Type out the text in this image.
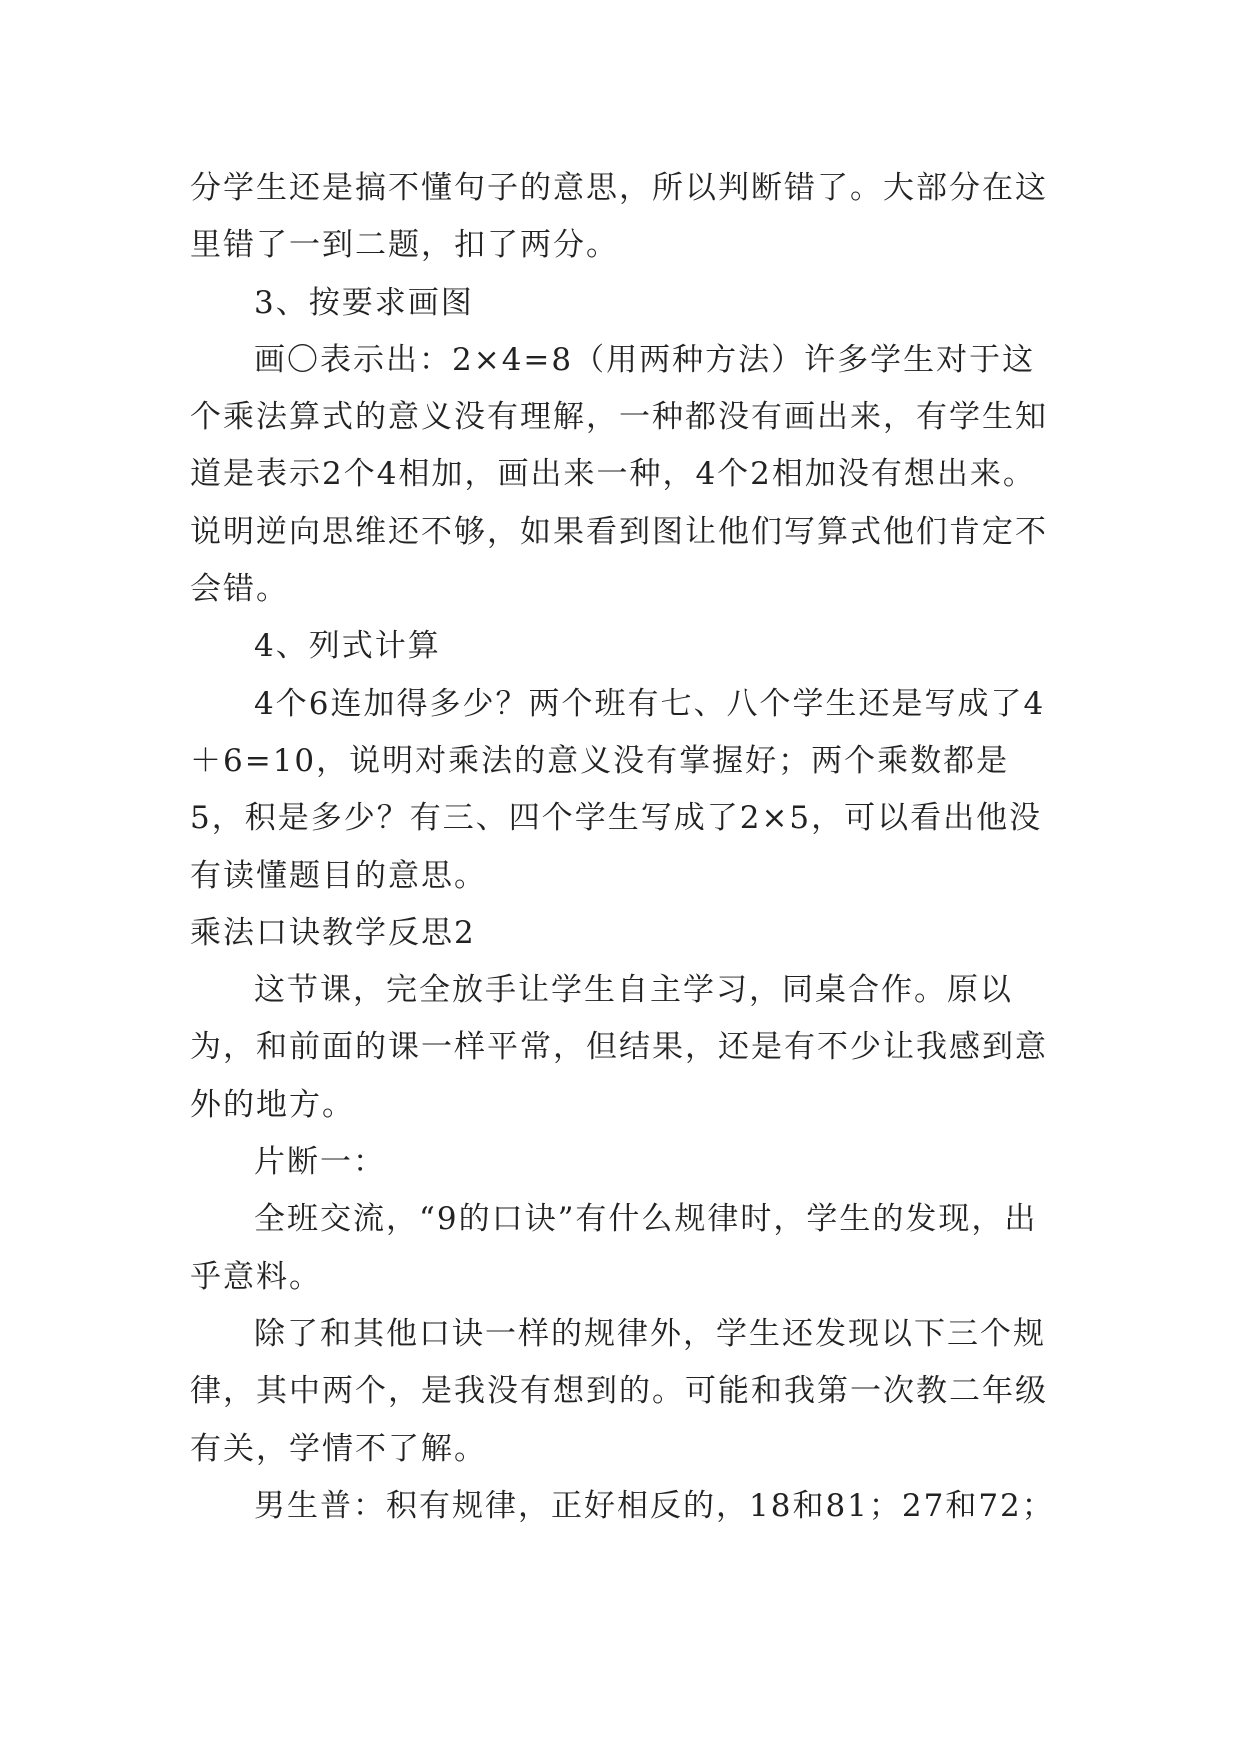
分学生还是搞不懂句子的意思，所以判断错了。大部分在这里错了一到二题，扣了两分。

3、按要求画图

画〇表示出：2×4=8（用两种方法）许多学生对于这个乘法算式的意义没有理解，一种都没有画出来，有学生知道是表示2个4相加，画出来一种，4个2相加没有想出来。说明逆向思维还不够，如果看到图让他们写算式他们肯定不会错。

4、列式计算

4个6连加得多少？两个班有七、八个学生还是写成了4＋6=10，说明对乘法的意义没有掌握好；两个乘数都是5，积是多少？有三、四个学生写成了2×5，可以看出他没有读懂题目的意思。

乘法口诀教学反思2

这节课，完全放手让学生自主学习，同桌合作。原以为，和前面的课一样平常，但结果，还是有不少让我感到意外的地方。

片断一：

全班交流，“9的口诀”有什么规律时，学生的发现，出乎意料。

除了和其他口诀一样的规律外，学生还发现以下三个规律，其中两个，是我没有想到的。可能和我第一次教二年级有关，学情不了解。

男生普：积有规律，正好相反的，18和81；27和72；
